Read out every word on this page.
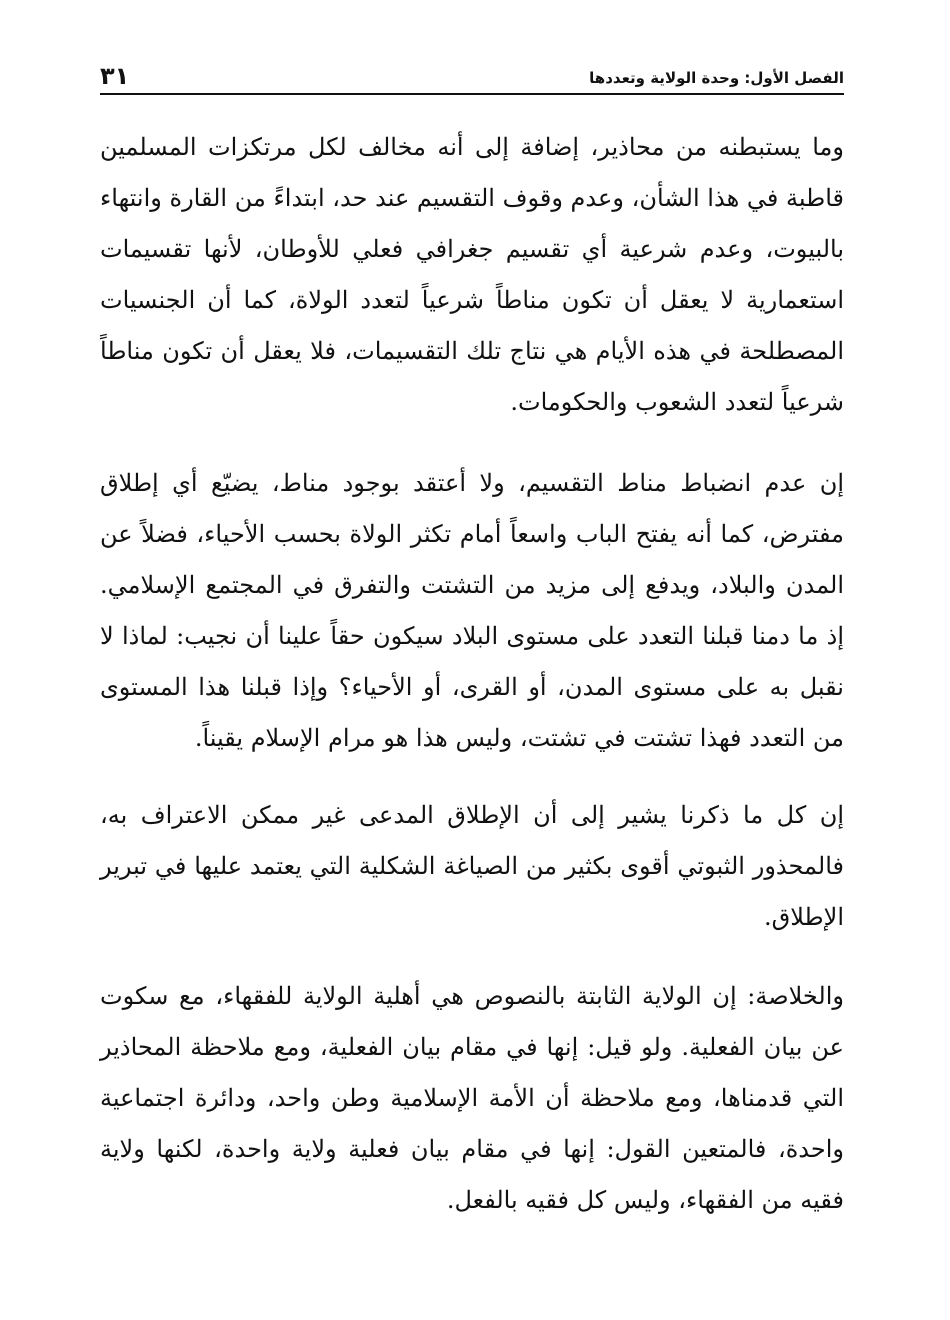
الفصل الأول: وحدة الولاية وتعددها
٣١

وما يستبطنه من محاذير، إضافة إلى أنه مخالف لكل مرتكزات المسلمين قاطبة في هذا الشأن، وعدم وقوف التقسيم عند حد، ابتداءً من القارة وانتهاء بالبيوت، وعدم شرعية أي تقسيم جغرافي فعلي للأوطان، لأنها تقسيمات استعمارية لا يعقل أن تكون مناطاً شرعياً لتعدد الولاة، كما أن الجنسيات المصطلحة في هذه الأيام هي نتاج تلك التقسيمات، فلا يعقل أن تكون مناطاً شرعياً لتعدد الشعوب والحكومات.

إن عدم انضباط مناط التقسيم، ولا أعتقد بوجود مناط، يضيّع أي إطلاق مفترض، كما أنه يفتح الباب واسعاً أمام تكثر الولاة بحسب الأحياء، فضلاً عن المدن والبلاد، ويدفع إلى مزيد من التشتت والتفرق في المجتمع الإسلامي. إذ ما دمنا قبلنا التعدد على مستوى البلاد سيكون حقاً علينا أن نجيب: لماذا لا نقبل به على مستوى المدن، أو القرى، أو الأحياء؟ وإذا قبلنا هذا المستوى من التعدد فهذا تشتت في تشتت، وليس هذا هو مرام الإسلام يقيناً.

إن كل ما ذكرنا يشير إلى أن الإطلاق المدعى غير ممكن الاعتراف به، فالمحذور الثبوتي أقوى بكثير من الصياغة الشكلية التي يعتمد عليها في تبرير الإطلاق.

والخلاصة: إن الولاية الثابتة بالنصوص هي أهلية الولاية للفقهاء، مع سكوت عن بيان الفعلية. ولو قيل: إنها في مقام بيان الفعلية، ومع ملاحظة المحاذير التي قدمناها، ومع ملاحظة أن الأمة الإسلامية وطن واحد، ودائرة اجتماعية واحدة، فالمتعين القول: إنها في مقام بيان فعلية ولاية واحدة، لكنها ولاية فقيه من الفقهاء، وليس كل فقيه بالفعل.
